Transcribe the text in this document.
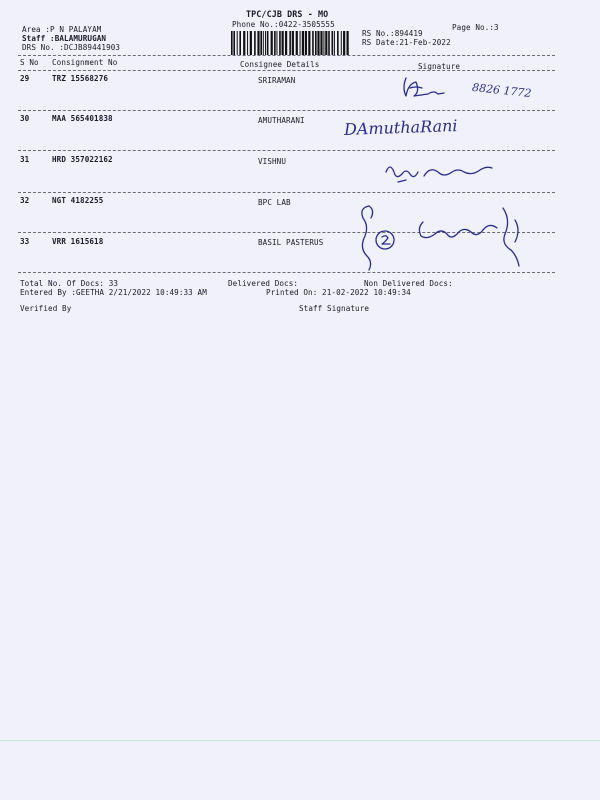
TPC/CJB DRS - MO
Phone No.:0422-3505555	Page No.:3
Area :P N PALAYAM
Staff :BALAMURUGAN
DRS No. :DCJB89441903
RS No.:894419
RS Date:21-Feb-2022
S No Consignment No	Consignee Details	Signature
29	TRZ 15568276	SRIRAMAN
30	MAA 565401838	AMUTHARANI
31	HRD 357022162	VISHNU
32	NGT 4182255	BPC LAB
33	VRR 1615618	BASIL PASTERUS
8826 1772
DAmuthaRani
Total No. Of Docs: 33	Delivered Docs:	Non Delivered Docs:
Entered By :GEETHA 2/21/2022 10:49:33 AM	Printed On: 21-02-2022 10:49:34
Verified By	Staff Signature
